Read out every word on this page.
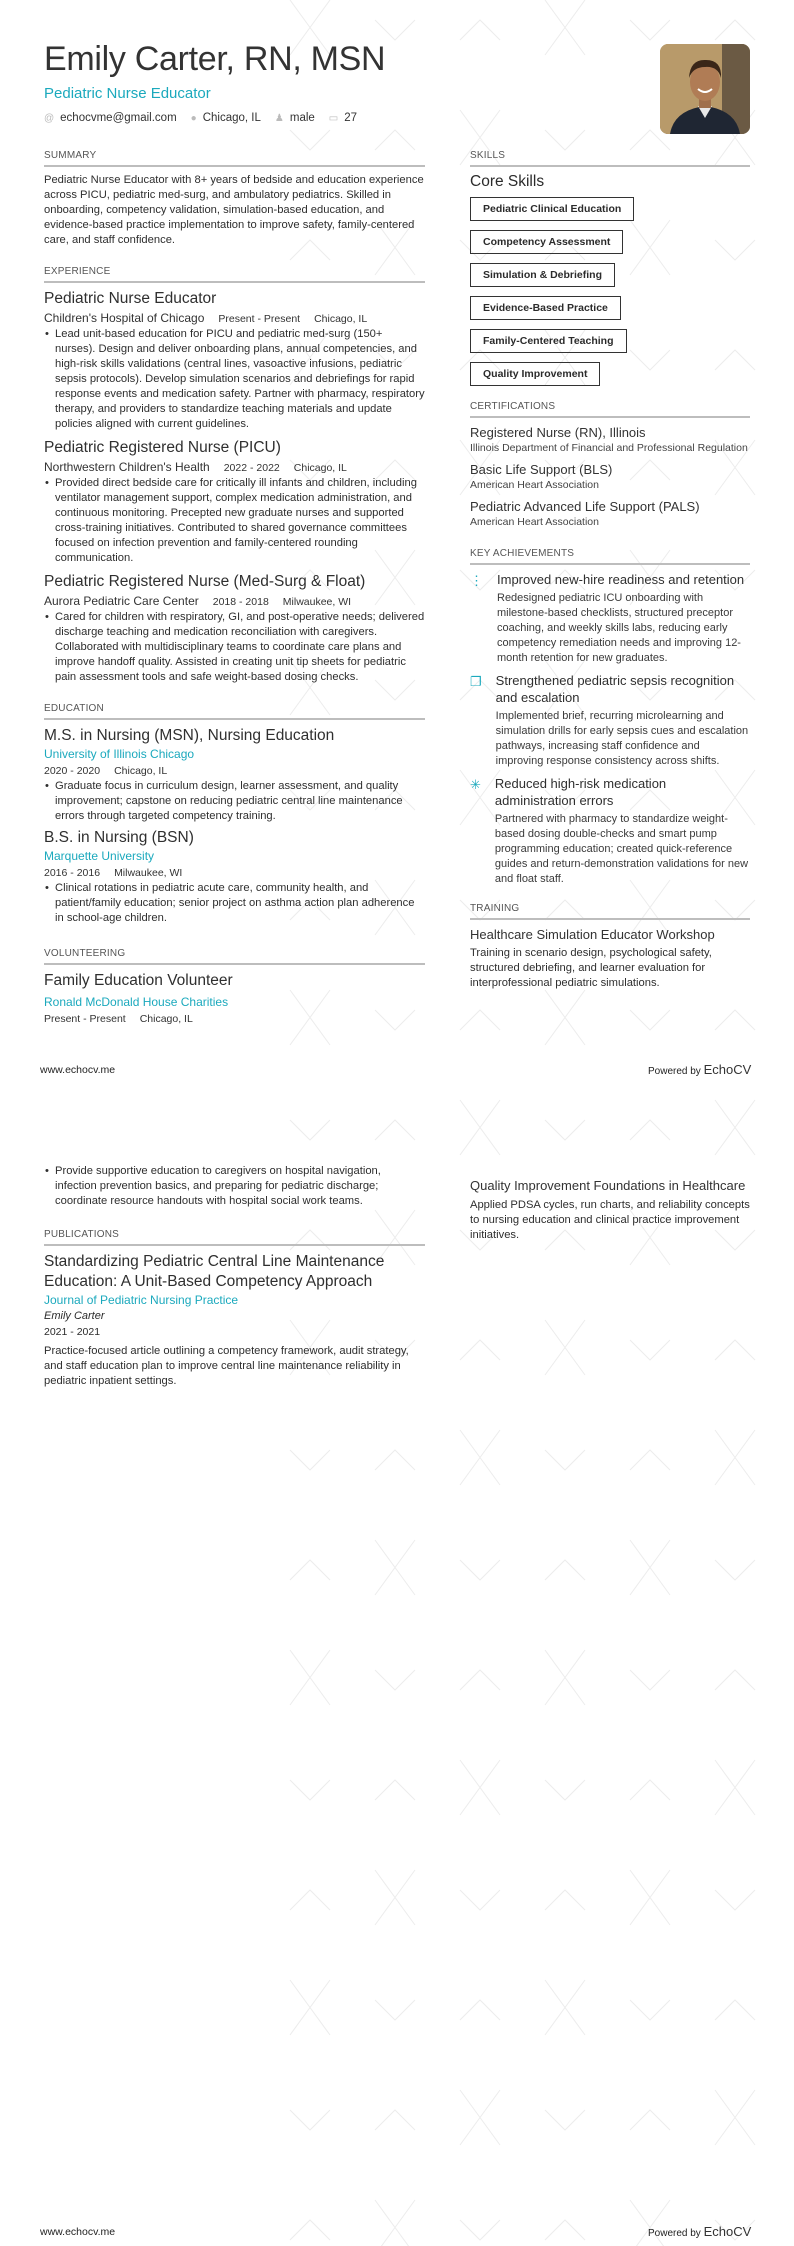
Emily Carter, RN, MSN
Pediatric Nurse Educator
@ echocvme@gmail.com ● Chicago, IL ♟ male ▭ 27
SUMMARY
Pediatric Nurse Educator with 8+ years of bedside and education experience across PICU, pediatric med-surg, and ambulatory pediatrics. Skilled in onboarding, competency validation, simulation-based education, and evidence-based practice implementation to improve safety, family-centered care, and staff confidence.
EXPERIENCE
Pediatric Nurse Educator
Children's Hospital of Chicago Present - Present Chicago, IL
• Lead unit-based education for PICU and pediatric med-surg (150+ nurses). Design and deliver onboarding plans, annual competencies, and high-risk skills validations (central lines, vasoactive infusions, pediatric sepsis protocols). Develop simulation scenarios and debriefings for rapid response events and medication safety. Partner with pharmacy, respiratory therapy, and providers to standardize teaching materials and update policies aligned with current guidelines.
Pediatric Registered Nurse (PICU)
Northwestern Children's Health 2022 - 2022 Chicago, IL
• Provided direct bedside care for critically ill infants and children, including ventilator management support, complex medication administration, and continuous monitoring. Precepted new graduate nurses and supported cross-training initiatives. Contributed to shared governance committees focused on infection prevention and family-centered rounding communication.
Pediatric Registered Nurse (Med-Surg & Float)
Aurora Pediatric Care Center 2018 - 2018 Milwaukee, WI
• Cared for children with respiratory, GI, and post-operative needs; delivered discharge teaching and medication reconciliation with caregivers. Collaborated with multidisciplinary teams to coordinate care plans and improve handoff quality. Assisted in creating unit tip sheets for pediatric pain assessment tools and safe weight-based dosing checks.
EDUCATION
M.S. in Nursing (MSN), Nursing Education
University of Illinois Chicago
2020 - 2020 Chicago, IL
• Graduate focus in curriculum design, learner assessment, and quality improvement; capstone on reducing pediatric central line maintenance errors through targeted competency training.
B.S. in Nursing (BSN)
Marquette University
2016 - 2016 Milwaukee, WI
• Clinical rotations in pediatric acute care, community health, and patient/family education; senior project on asthma action plan adherence in school-age children.
VOLUNTEERING
Family Education Volunteer
Ronald McDonald House Charities
Present - Present Chicago, IL
SKILLS
Core Skills
Pediatric Clinical Education
Competency Assessment
Simulation & Debriefing
Evidence-Based Practice
Family-Centered Teaching
Quality Improvement
CERTIFICATIONS
Registered Nurse (RN), Illinois
Illinois Department of Financial and Professional Regulation
Basic Life Support (BLS)
American Heart Association
Pediatric Advanced Life Support (PALS)
American Heart Association
KEY ACHIEVEMENTS
⋮ Improved new-hire readiness and retention
Redesigned pediatric ICU onboarding with milestone-based checklists, structured preceptor coaching, and weekly skills labs, reducing early competency remediation needs and improving 12-month retention for new graduates.
❐ Strengthened pediatric sepsis recognition and escalation
Implemented brief, recurring microlearning and simulation drills for early sepsis cues and escalation pathways, increasing staff confidence and improving response consistency across shifts.
✳ Reduced high-risk medication administration errors
Partnered with pharmacy to standardize weight-based dosing double-checks and smart pump programming education; created quick-reference guides and return-demonstration validations for new and float staff.
TRAINING
Healthcare Simulation Educator Workshop
Training in scenario design, psychological safety, structured debriefing, and learner evaluation for interprofessional pediatric simulations.
www.echocv.me	Powered by EchoCV
• Provide supportive education to caregivers on hospital navigation, infection prevention basics, and preparing for pediatric discharge; coordinate resource handouts with hospital social work teams.
PUBLICATIONS
Standardizing Pediatric Central Line Maintenance Education: A Unit-Based Competency Approach
Journal of Pediatric Nursing Practice
Emily Carter
2021 - 2021
Practice-focused article outlining a competency framework, audit strategy, and staff education plan to improve central line maintenance reliability in pediatric inpatient settings.
Quality Improvement Foundations in Healthcare
Applied PDSA cycles, run charts, and reliability concepts to nursing education and clinical practice improvement initiatives.
www.echocv.me	Powered by EchoCV
